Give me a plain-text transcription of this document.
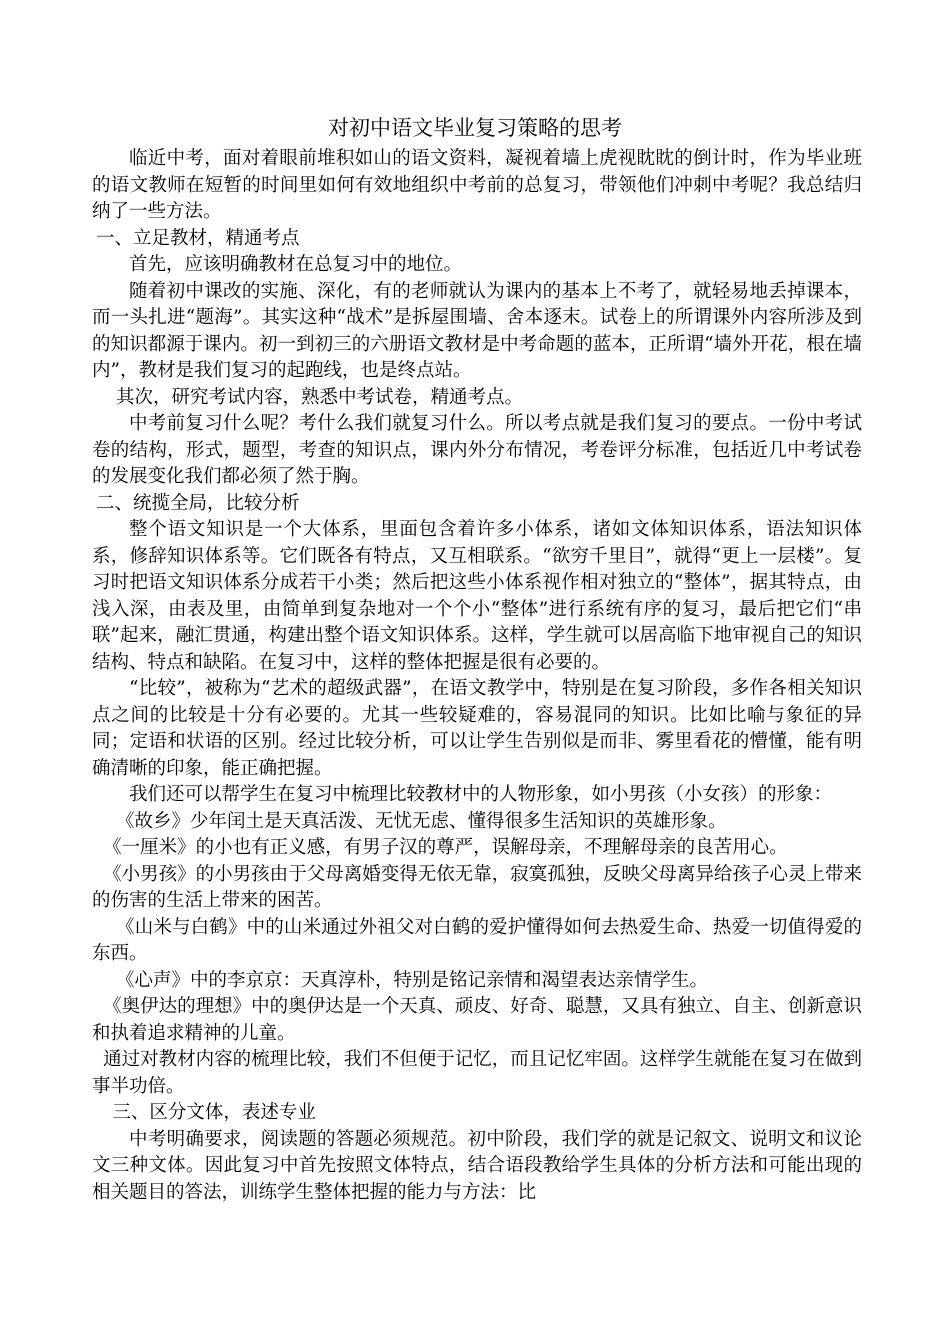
对初中语文毕业复习策略的思考

临近中考，面对着眼前堆积如山的语文资料，凝视着墙上虎视眈眈的倒计时，作为毕业班的语文教师在短暂的时间里如何有效地组织中考前的总复习，带领他们冲刺中考呢？我总结归纳了一些方法。

一、立足教材，精通考点

首先，应该明确教材在总复习中的地位。

随着初中课改的实施、深化，有的老师就认为课内的基本上不考了，就轻易地丢掉课本，而一头扎进“题海”。其实这种“战术”是拆屋围墙、舍本逐末。试卷上的所谓课外内容所涉及到的知识都源于课内。初一到初三的六册语文教材是中考命题的蓝本，正所谓“墙外开花，根在墙内”，教材是我们复习的起跑线，也是终点站。

其次，研究考试内容，熟悉中考试卷，精通考点。

中考前复习什么呢？考什么我们就复习什么。所以考点就是我们复习的要点。一份中考试卷的结构，形式，题型，考查的知识点，课内外分布情况，考卷评分标准，包括近几中考试卷的发展变化我们都必须了然于胸。

二、统揽全局，比较分析

整个语文知识是一个大体系，里面包含着许多小体系，诸如文体知识体系，语法知识体系，修辞知识体系等。它们既各有特点，又互相联系。“欲穷千里目”，就得“更上一层楼”。复习时把语文知识体系分成若干小类；然后把这些小体系视作相对独立的“整体”，据其特点，由浅入深，由表及里，由简单到复杂地对一个个小“整体”进行系统有序的复习，最后把它们“串联”起来，融汇贯通，构建出整个语文知识体系。这样，学生就可以居高临下地审视自己的知识结构、特点和缺陷。在复习中，这样的整体把握是很有必要的。

“比较”，被称为“艺术的超级武器”，在语文教学中，特别是在复习阶段，多作各相关知识点之间的比较是十分有必要的。尤其一些较疑难的，容易混同的知识。比如比喻与象征的异同；定语和状语的区别。经过比较分析，可以让学生告别似是而非、雾里看花的懵懂，能有明确清晰的印象，能正确把握。

我们还可以帮学生在复习中梳理比较教材中的人物形象，如小男孩（小女孩）的形象：

《故乡》少年闰土是天真活泼、无忧无虑、懂得很多生活知识的英雄形象。

《一厘米》的小也有正义感，有男子汉的尊严，误解母亲，不理解母亲的良苦用心。

《小男孩》的小男孩由于父母离婚变得无依无靠，寂寞孤独，反映父母离异给孩子心灵上带来的伤害的生活上带来的困苦。

《山米与白鹤》中的山米通过外祖父对白鹤的爱护懂得如何去热爱生命、热爱一切值得爱的东西。

《心声》中的李京京：天真淳朴，特别是铭记亲情和渴望表达亲情学生。

《奥伊达的理想》中的奥伊达是一个天真、顽皮、好奇、聪慧，又具有独立、自主、创新意识和执着追求精神的儿童。

通过对教材内容的梳理比较，我们不但便于记忆，而且记忆牢固。这样学生就能在复习在做到事半功倍。

三、区分文体，表述专业

中考明确要求，阅读题的答题必须规范。初中阶段，我们学的就是记叙文、说明文和议论文三种文体。因此复习中首先按照文体特点，结合语段教给学生具体的分析方法和可能出现的相关题目的答法，训练学生整体把握的能力与方法：比
